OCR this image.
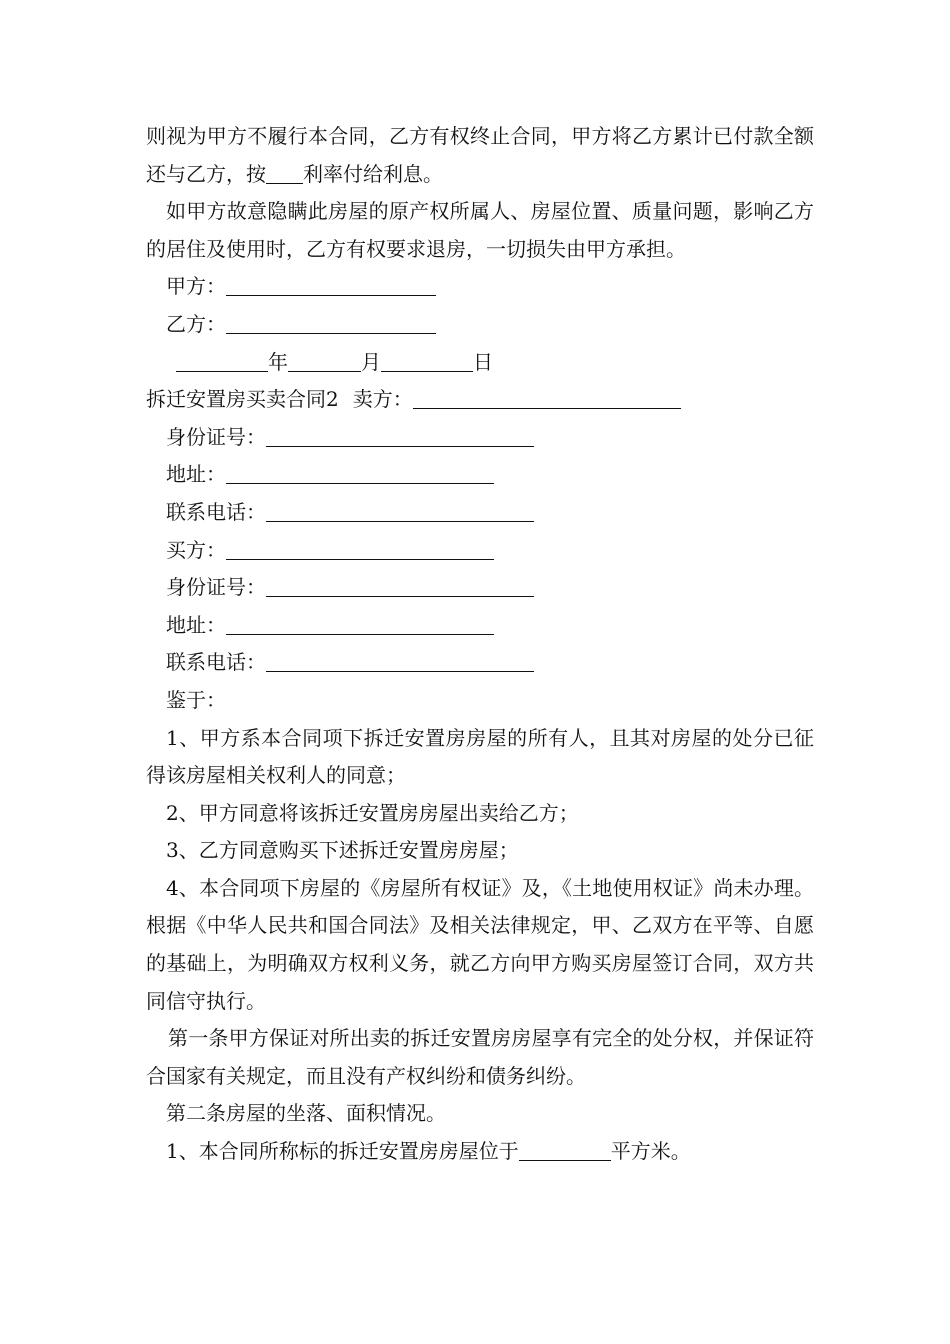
则视为甲方不履行本合同，乙方有权终止合同，甲方将乙方累计已付款全额还与乙方，按 利率付给利息。

如甲方故意隐瞒此房屋的原产权所属人、房屋位置、质量问题，影响乙方的居住及使用时，乙方有权要求退房，一切损失由甲方承担。

甲方：

乙方：

年	月	日

拆迁安置房买卖合同2 卖方：

身份证号：

地址：

联系电话：

买方：

身份证号：

地址：

联系电话：

鉴于：

1、甲方系本合同项下拆迁安置房房屋的所有人，且其对房屋的处分已征得该房屋相关权利人的同意；

2、甲方同意将该拆迁安置房房屋出卖给乙方；

3、乙方同意购买下述拆迁安置房房屋；

4、本合同项下房屋的《房屋所有权证》及，《土地使用权证》尚未办理。根据《中华人民共和国合同法》及相关法律规定，甲、乙双方在平等、自愿的基础上，为明确双方权利义务，就乙方向甲方购买房屋签订合同，双方共同信守执行。

第一条甲方保证对所出卖的拆迁安置房房屋享有完全的处分权，并保证符合国家有关规定，而且没有产权纠纷和债务纠纷。

第二条房屋的坐落、面积情况。

1、本合同所称标的拆迁安置房房屋位于	平方米。
